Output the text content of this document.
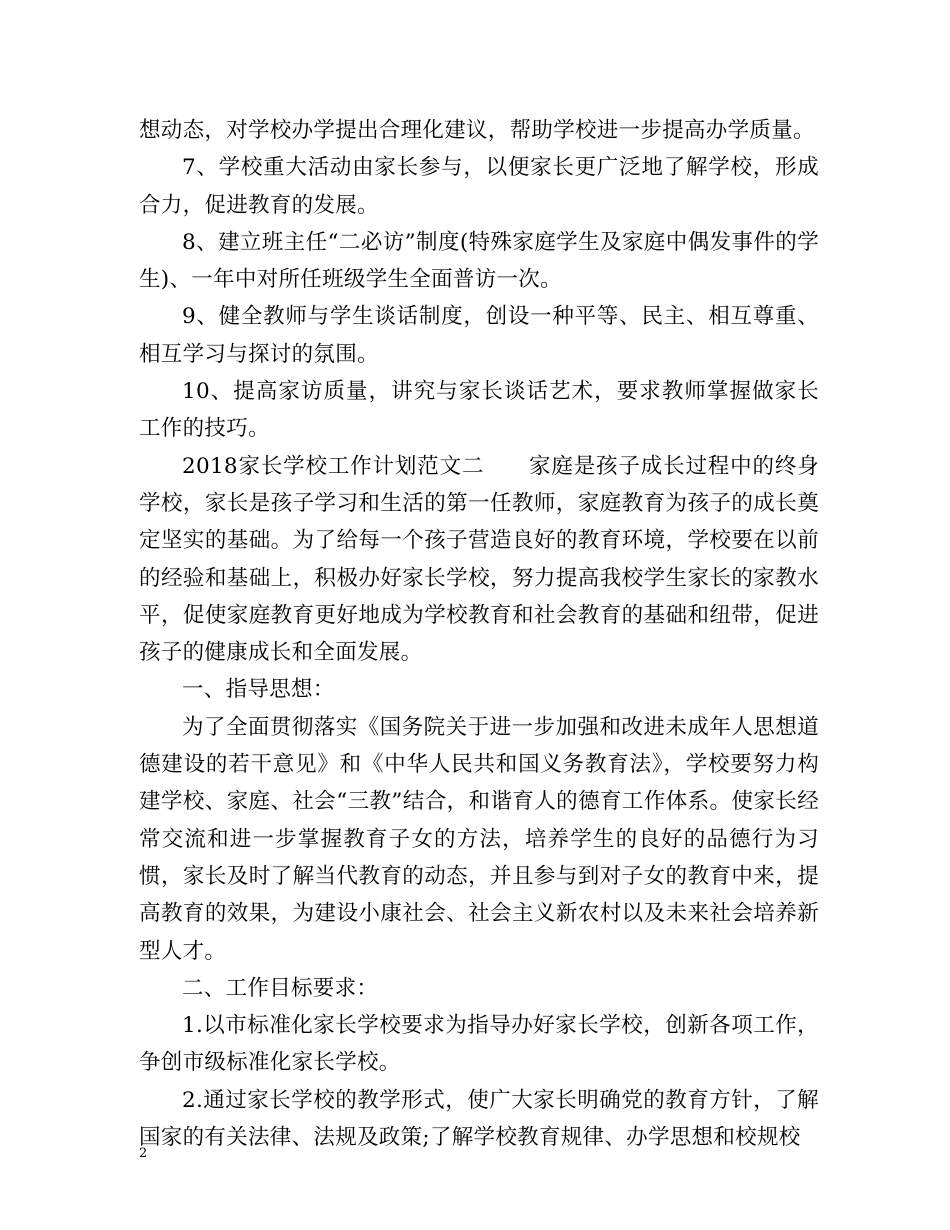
想动态，对学校办学提出合理化建议，帮助学校进一步提高办学质量。

7、学校重大活动由家长参与，以便家长更广泛地了解学校，形成合力，促进教育的发展。

8、建立班主任“二必访”制度(特殊家庭学生及家庭中偶发事件的学生)、一年中对所任班级学生全面普访一次。

9、健全教师与学生谈话制度，创设一种平等、民主、相互尊重、相互学习与探讨的氛围。

10、提高家访质量，讲究与家长谈话艺术，要求教师掌握做家长工作的技巧。

2018家长学校工作计划范文二　　家庭是孩子成长过程中的终身学校，家长是孩子学习和生活的第一任教师，家庭教育为孩子的成长奠定坚实的基础。为了给每一个孩子营造良好的教育环境，学校要在以前的经验和基础上，积极办好家长学校，努力提高我校学生家长的家教水平，促使家庭教育更好地成为学校教育和社会教育的基础和纽带，促进孩子的健康成长和全面发展。

一、指导思想：

为了全面贯彻落实《国务院关于进一步加强和改进未成年人思想道德建设的若干意见》和《中华人民共和国义务教育法》，学校要努力构建学校、家庭、社会“三教”结合，和谐育人的德育工作体系。使家长经常交流和进一步掌握教育子女的方法，培养学生的良好的品德行为习惯，家长及时了解当代教育的动态，并且参与到对子女的教育中来，提高教育的效果，为建设小康社会、社会主义新农村以及未来社会培养新型人才。

二、工作目标要求：

1.以市标准化家长学校要求为指导办好家长学校，创新各项工作，争创市级标准化家长学校。

2.通过家长学校的教学形式，使广大家长明确党的教育方针，了解国家的有关法律、法规及政策;了解学校教育规律、办学思想和校规校

2
